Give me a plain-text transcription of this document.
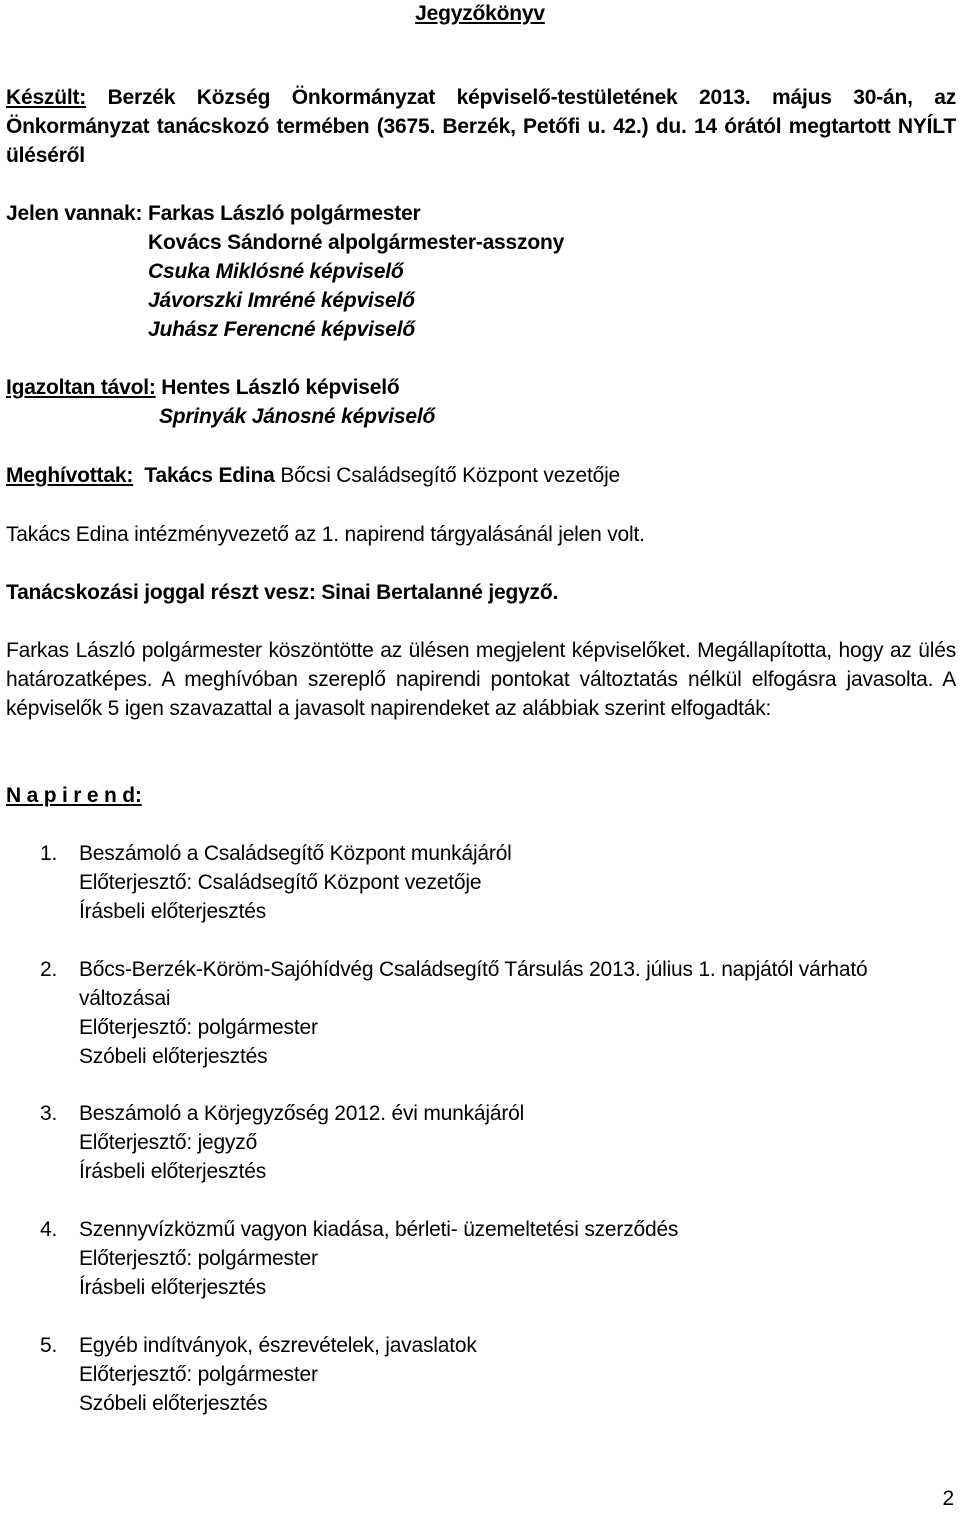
Jegyzőkönyv
Készült: Berzék Község Önkormányzat képviselő-testületének 2013. május 30-án, az
Önkormányzat tanácskozó termében (3675. Berzék, Petőfi u. 42.) du. 14 órától megtartott NYÍLT
üléséről
Jelen vannak: Farkas László polgármester
Kovács Sándorné alpolgármester-asszony
Csuka Miklósné képviselő
Jávorszki Imréné képviselő
Juhász Ferencné képviselő
Igazoltan távol: Hentes László képviselő
Sprinyák Jánosné képviselő
Meghívottak: Takács Edina Bőcsi Családsegítő Központ vezetője
Takács Edina intézményvezető az 1. napirend tárgyalásánál jelen volt.
Tanácskozási joggal részt vesz: Sinai Bertalanné jegyző.
Farkas László polgármester köszöntötte az ülésen megjelent képviselőket. Megállapította, hogy az ülés
határozatképes. A meghívóban szereplő napirendi pontokat változtatás nélkül elfogásra javasolta. A
képviselők 5 igen szavazattal a javasolt napirendeket az alábbiak szerint elfogadták:
N a p i r e n d:
1. Beszámoló a Családsegítő Központ munkájáról
Előterjesztő: Családsegítő Központ vezetője
Írásbeli előterjesztés
2. Bőcs-Berzék-Köröm-Sajóhídvég Családsegítő Társulás 2013. július 1. napjától várható
változásai
Előterjesztő: polgármester
Szóbeli előterjesztés
3. Beszámoló a Körjegyzőség 2012. évi munkájáról
Előterjesztő: jegyző
Írásbeli előterjesztés
4. Szennyvízközmű vagyon kiadása, bérleti- üzemeltetési szerződés
Előterjesztő: polgármester
Írásbeli előterjesztés
5. Egyéb indítványok, észrevételek, javaslatok
Előterjesztő: polgármester
Szóbeli előterjesztés
2
